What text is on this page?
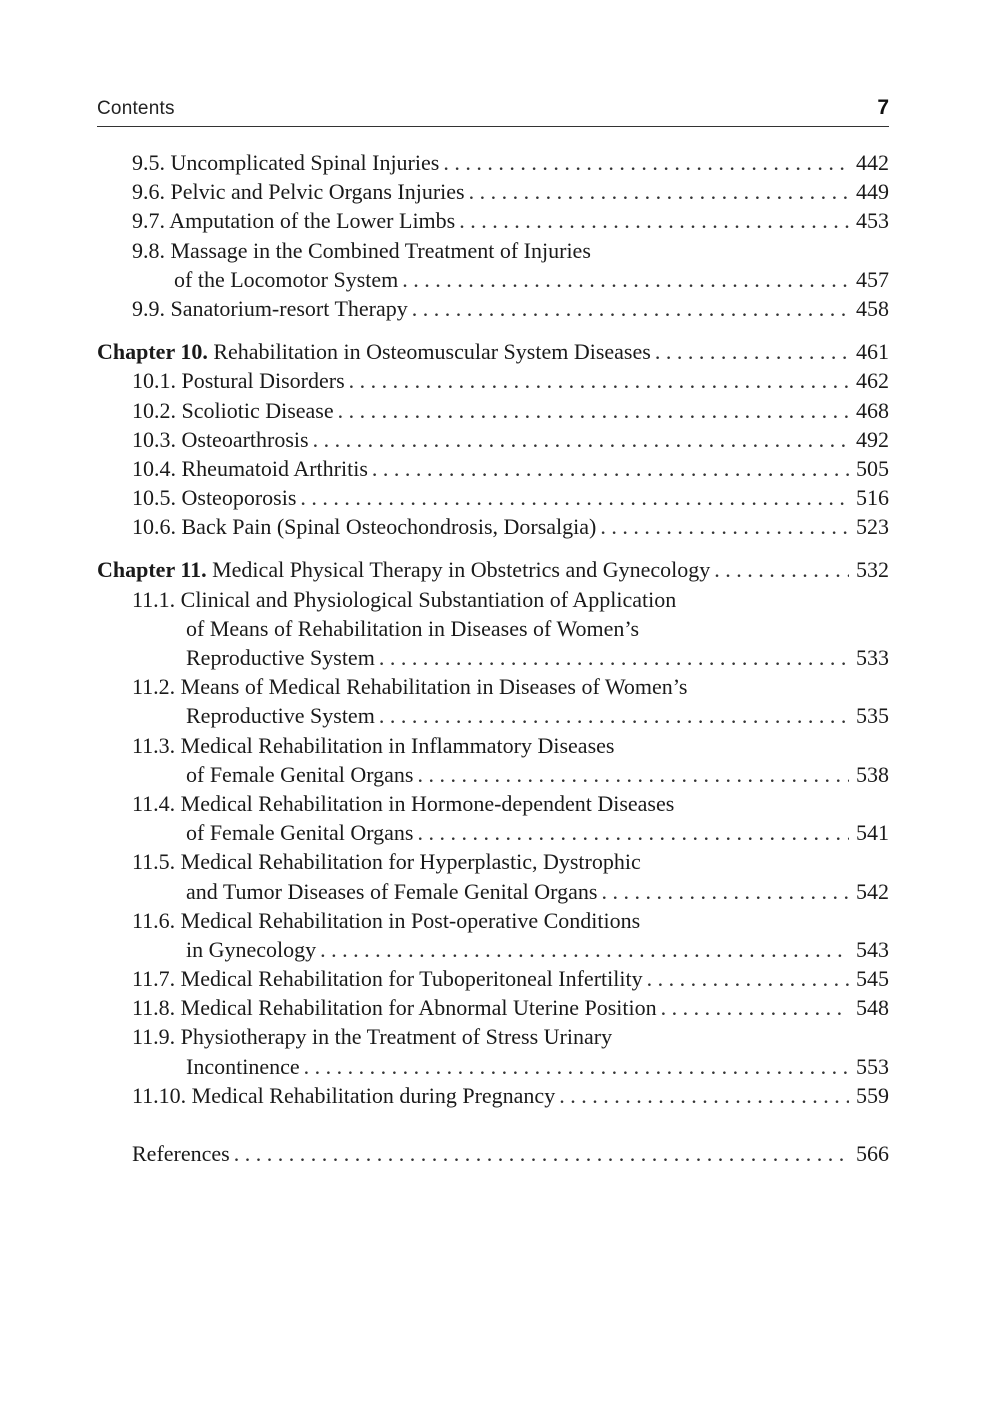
Contents	7
9.5. Uncomplicated Spinal Injuries . . .	442
9.6. Pelvic and Pelvic Organs Injuries . . .	449
9.7. Amputation of the Lower Limbs . . .	453
9.8. Massage in the Combined Treatment of Injuries
of the Locomotor System . . .	457
9.9. Sanatorium-resort Therapy . . .	458
Chapter 10. Rehabilitation in Osteomuscular System Diseases . . .	461
10.1. Postural Disorders . . .	462
10.2. Scoliotic Disease . . .	468
10.3. Osteoarthrosis . . .	492
10.4. Rheumatoid Arthritis . . .	505
10.5. Osteoporosis . . .	516
10.6. Back Pain (Spinal Osteochondrosis, Dorsalgia) . . .	523
Chapter 11. Medical Physical Therapy in Obstetrics and Gynecology . . .	532
11.1. Clinical and Physiological Substantiation of Application
of Means of Rehabilitation in Diseases of Women’s
Reproductive System . . .	533
11.2. Means of Medical Rehabilitation in Diseases of Women’s
Reproductive System . . .	535
11.3. Medical Rehabilitation in Inflammatory Diseases
of Female Genital Organs . . .	538
11.4. Medical Rehabilitation in Hormone-dependent Diseases
of Female Genital Organs . . .	541
11.5. Medical Rehabilitation for Hyperplastic, Dystrophic
and Tumor Diseases of Female Genital Organs . . .	542
11.6. Medical Rehabilitation in Post-operative Conditions
in Gynecology . . .	543
11.7. Medical Rehabilitation for Tuboperitoneal Infertility . . .	545
11.8. Medical Rehabilitation for Abnormal Uterine Position . . .	548
11.9. Physiotherapy in the Treatment of Stress Urinary
Incontinence . . .	553
11.10. Medical Rehabilitation during Pregnancy . . .	559
References . . .	566
